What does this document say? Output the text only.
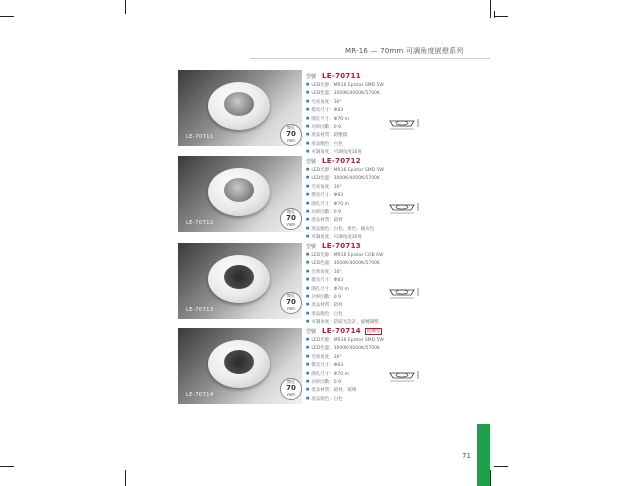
MR-16 — 70mm 可調角度嵌燈系列
LE-70711
開孔
70
mm
型號 LE-70711
■ LED光源：MR16 Epistar SMD 5W
■ LED色溫：3000K/4000K/5700K
■ 光束角度：30°
■ 燈具尺寸：Φ83
■ 開孔尺寸：Φ70 m
■ 功率因數：0.9
■ 產品材質：鋁壓鑄
■ 產品顏色：白色
■ 可調角度：可調角度30度
LE-70712
開孔
70
mm
型號 LE-70712
■ LED光源：MR16 Epistar SMD 5W
■ LED色溫：3000K/4000K/5700K
■ 光束角度：30°
■ 燈具尺寸：Φ83
■ 開孔尺寸：Φ70 m
■ 功率因數：0.9
■ 產品材質：鋁材
■ 產品顏色：白色、黑色、銀灰色
■ 可調角度：可調角度30度
LE-70713
開孔
70
mm
型號 LE-70713
■ LED光源：MR16 Epistar COB 6W
■ LED色溫：3000K/4000K/5700K
■ 光束角度：30°
■ 燈具尺寸：Φ83
■ 開孔尺寸：Φ70 m
■ 功率因數：0.9
■ 產品材質：鋁材
■ 產品顏色：白色
■ 可調角度：防眩光設計、旋轉調整
LE-70714
開孔
70
mm
型號 LE-70714	防潮型
■ LED光源：MR16 Epistar SMD 5W
■ LED色溫：3000K/4000K/5700K
■ 光束角度：30°
■ 燈具尺寸：Φ83
■ 開孔尺寸：Φ70 m
■ 功率因數：0.9
■ 產品材質：鋁材、玻璃
■ 產品顏色：白色
71
